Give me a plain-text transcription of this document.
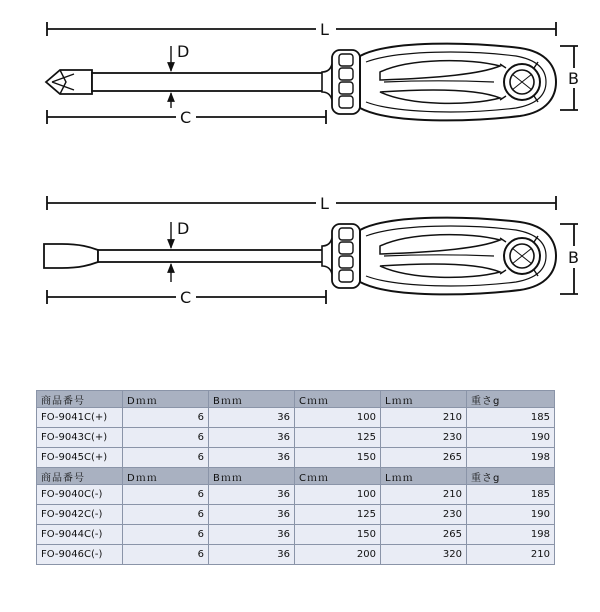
L
D
C
B
L
D
C
B
商品番号	Dｍｍ	Bｍｍ	Cｍｍ	Lｍｍ	重さg
FO-9041C(+)	6	36	100	210	185
FO-9043C(+)	6	36	125	230	190
FO-9045C(+)	6	36	150	265	198
商品番号	Dｍｍ	Bｍｍ	Cｍｍ	Lｍｍ	重さg
FO-9040C(-)	6	36	100	210	185
FO-9042C(-)	6	36	125	230	190
FO-9044C(-)	6	36	150	265	198
FO-9046C(-)	6	36	200	320	210
